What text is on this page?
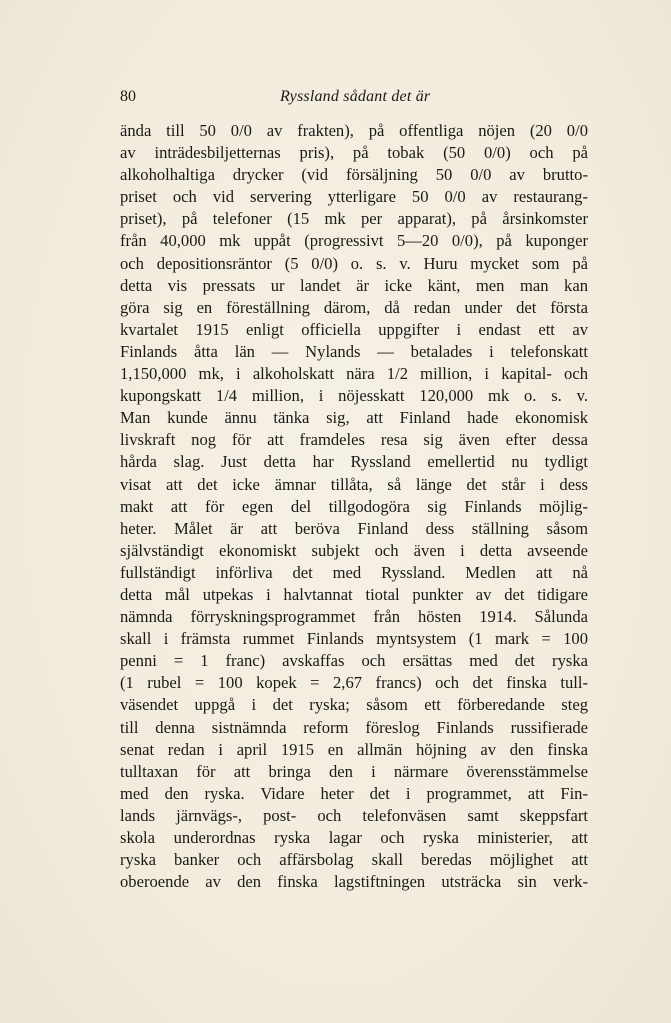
80	Ryssland sådant det är
ända till 50 0/0 av frakten), på offentliga nöjen (20 0/0
av inträdesbiljetternas pris), på tobak (50 0/0) och på
alkoholhaltiga drycker (vid försäljning 50 0/0 av brutto-
priset och vid servering ytterligare 50 0/0 av restaurang-
priset), på telefoner (15 mk per apparat), på årsinkomster
från 40,000 mk uppåt (progressivt 5—20 0/0), på kuponger
och depositionsräntor (5 0/0) o. s. v. Huru mycket som på
detta vis pressats ur landet är icke känt, men man kan
göra sig en föreställning därom, då redan under det första
kvartalet 1915 enligt officiella uppgifter i endast ett av
Finlands åtta län — Nylands — betalades i telefonskatt
1,150,000 mk, i alkoholskatt nära 1/2 million, i kapital- och
kupongskatt 1/4 million, i nöjesskatt 120,000 mk o. s. v.
Man kunde ännu tänka sig, att Finland hade ekonomisk
livskraft nog för att framdeles resa sig även efter dessa
hårda slag. Just detta har Ryssland emellertid nu tydligt
visat att det icke ämnar tillåta, så länge det står i dess
makt att för egen del tillgodogöra sig Finlands möjlig-
heter. Målet är att beröva Finland dess ställning såsom
självständigt ekonomiskt subjekt och även i detta avseende
fullständigt införliva det med Ryssland. Medlen att nå
detta mål utpekas i halvtannat tiotal punkter av det tidigare
nämnda förryskningsprogrammet från hösten 1914. Sålunda
skall i främsta rummet Finlands myntsystem (1 mark = 100
penni = 1 franc) avskaffas och ersättas med det ryska
(1 rubel = 100 kopek = 2,67 francs) och det finska tull-
väsendet uppgå i det ryska; såsom ett förberedande steg
till denna sistnämnda reform föreslog Finlands russifierade
senat redan i april 1915 en allmän höjning av den finska
tulltaxan för att bringa den i närmare överensstämmelse
med den ryska. Vidare heter det i programmet, att Fin-
lands järnvägs-, post- och telefonväsen samt skeppsfart
skola underordnas ryska lagar och ryska ministerier, att
ryska banker och affärsbolag skall beredas möjlighet att
oberoende av den finska lagstiftningen utsträcka sin verk-
